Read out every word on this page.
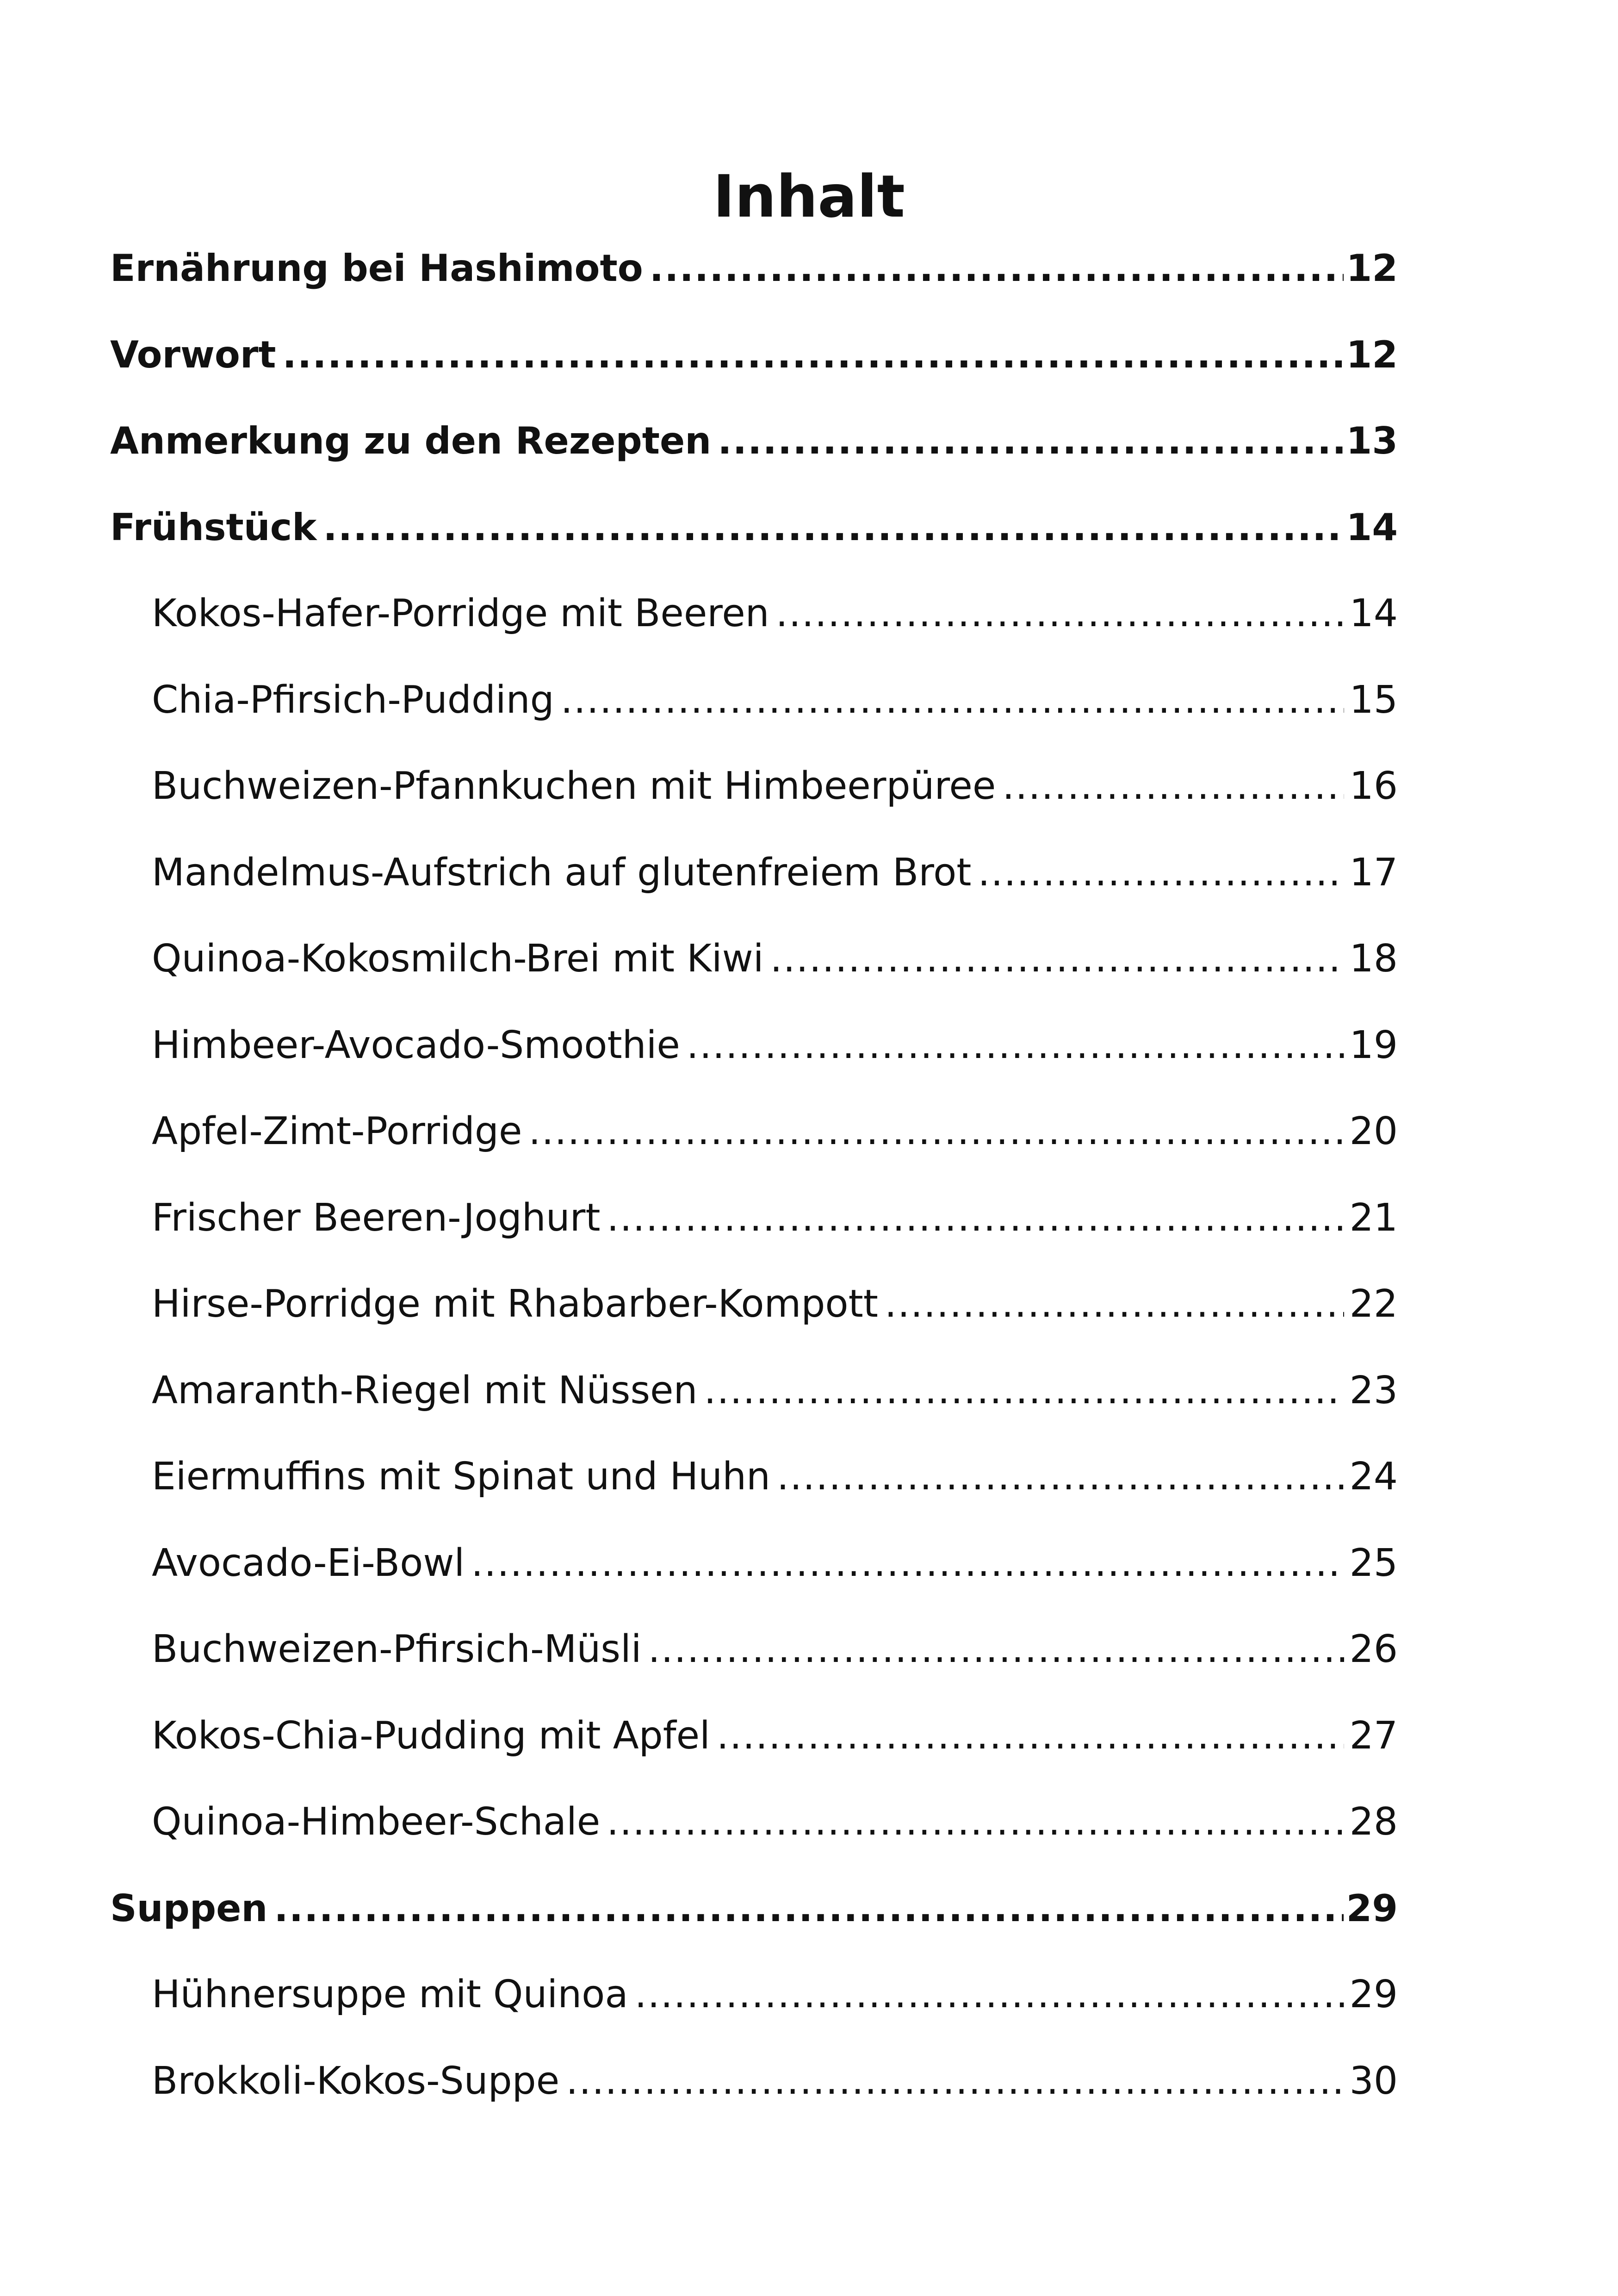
Inhalt
Ernährung bei Hashimoto .....	12
Vorwort .....	12
Anmerkung zu den Rezepten .....	13
Frühstück .....	14
Kokos-Hafer-Porridge mit Beeren .....	14
Chia-Pfirsich-Pudding .....	15
Buchweizen-Pfannkuchen mit Himbeerpüree .....	16
Mandelmus-Aufstrich auf glutenfreiem Brot .....	17
Quinoa-Kokosmilch-Brei mit Kiwi .....	18
Himbeer-Avocado-Smoothie .....	19
Apfel-Zimt-Porridge .....	20
Frischer Beeren-Joghurt .....	21
Hirse-Porridge mit Rhabarber-Kompott .....	22
Amaranth-Riegel mit Nüssen .....	23
Eiermuffins mit Spinat und Huhn .....	24
Avocado-Ei-Bowl .....	25
Buchweizen-Pfirsich-Müsli .....	26
Kokos-Chia-Pudding mit Apfel .....	27
Quinoa-Himbeer-Schale .....	28
Suppen .....	29
Hühnersuppe mit Quinoa .....	29
Brokkoli-Kokos-Suppe .....	30
